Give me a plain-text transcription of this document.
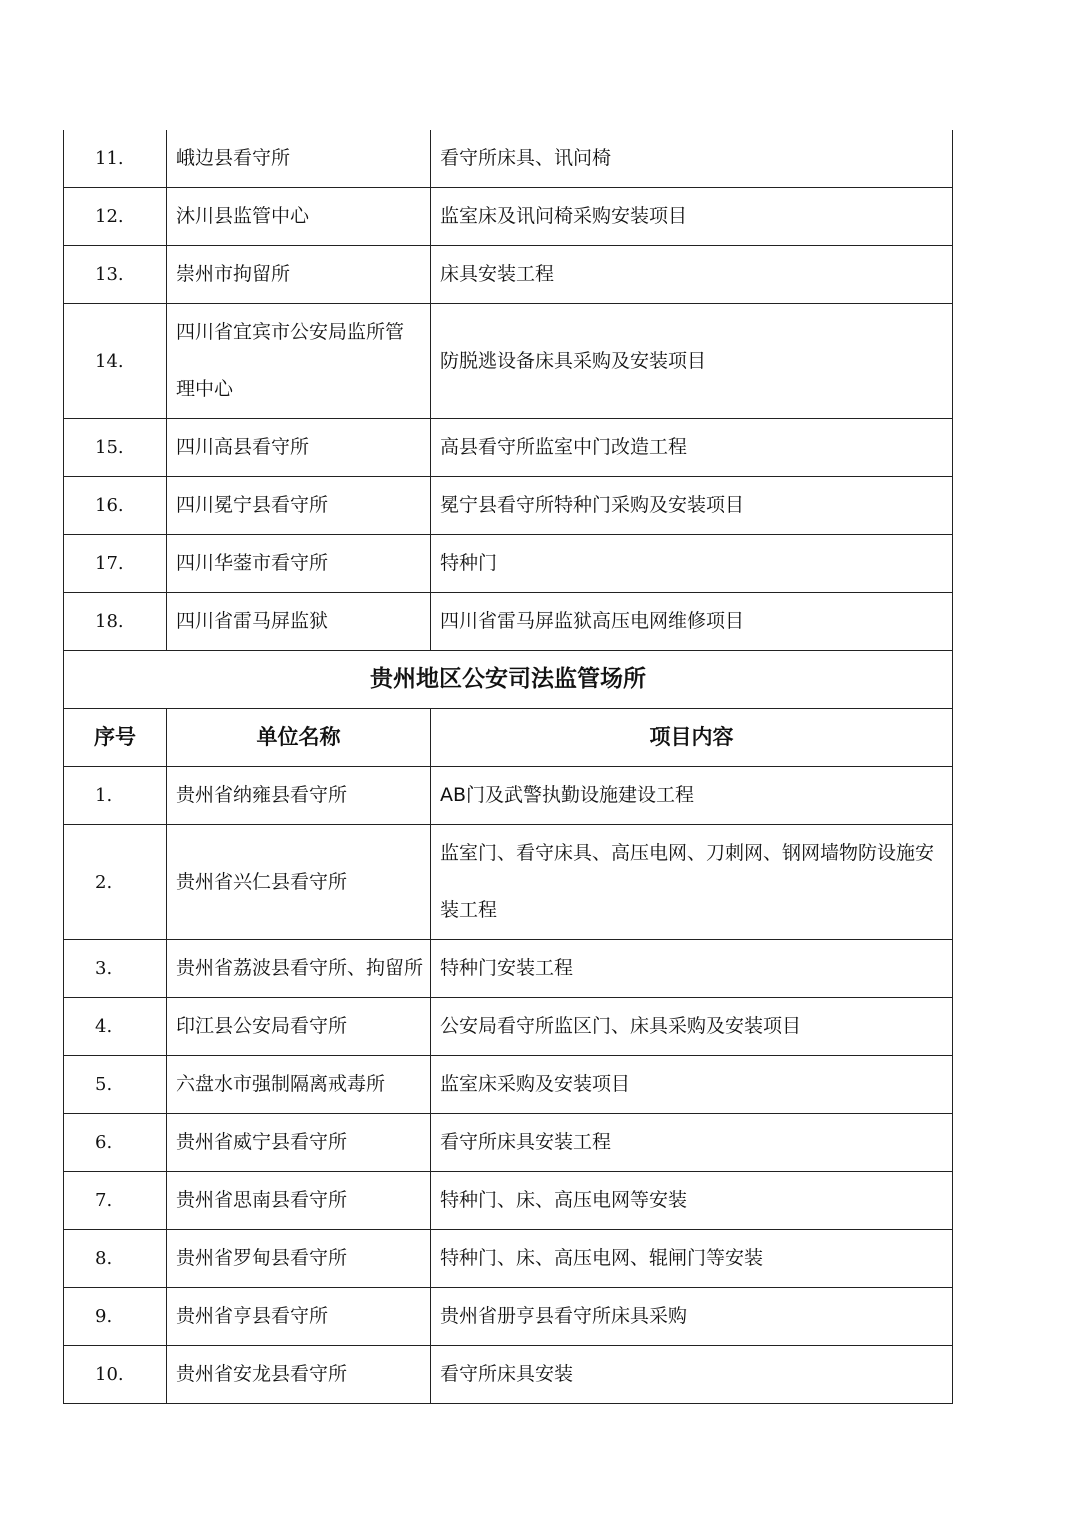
11.	峨边县看守所	看守所床具、讯问椅
12.	沐川县监管中心	监室床及讯问椅采购安装项目
13.	崇州市拘留所	床具安装工程
14.	四川省宜宾市公安局监所管理中心	防脱逃设备床具采购及安装项目
15.	四川高县看守所	高县看守所监室中门改造工程
16.	四川冕宁县看守所	冕宁县看守所特种门采购及安装项目
17.	四川华蓥市看守所	特种门
18.	四川省雷马屏监狱	四川省雷马屏监狱高压电网维修项目
贵州地区公安司法监管场所		
序号	单位名称	项目内容
1.	贵州省纳雍县看守所	AB门及武警执勤设施建设工程
2.	贵州省兴仁县看守所	监室门、看守床具、高压电网、刀刺网、钢网墙物防设施安装工程
3.	贵州省荔波县看守所、拘留所	特种门安装工程
4.	印江县公安局看守所	公安局看守所监区门、床具采购及安装项目
5.	六盘水市强制隔离戒毒所	监室床采购及安装项目
6.	贵州省威宁县看守所	看守所床具安装工程
7.	贵州省思南县看守所	特种门、床、高压电网等安装
8.	贵州省罗甸县看守所	特种门、床、高压电网、辊闸门等安装
9.	贵州省亨县看守所	贵州省册亨县看守所床具采购
10.	贵州省安龙县看守所	看守所床具安装
